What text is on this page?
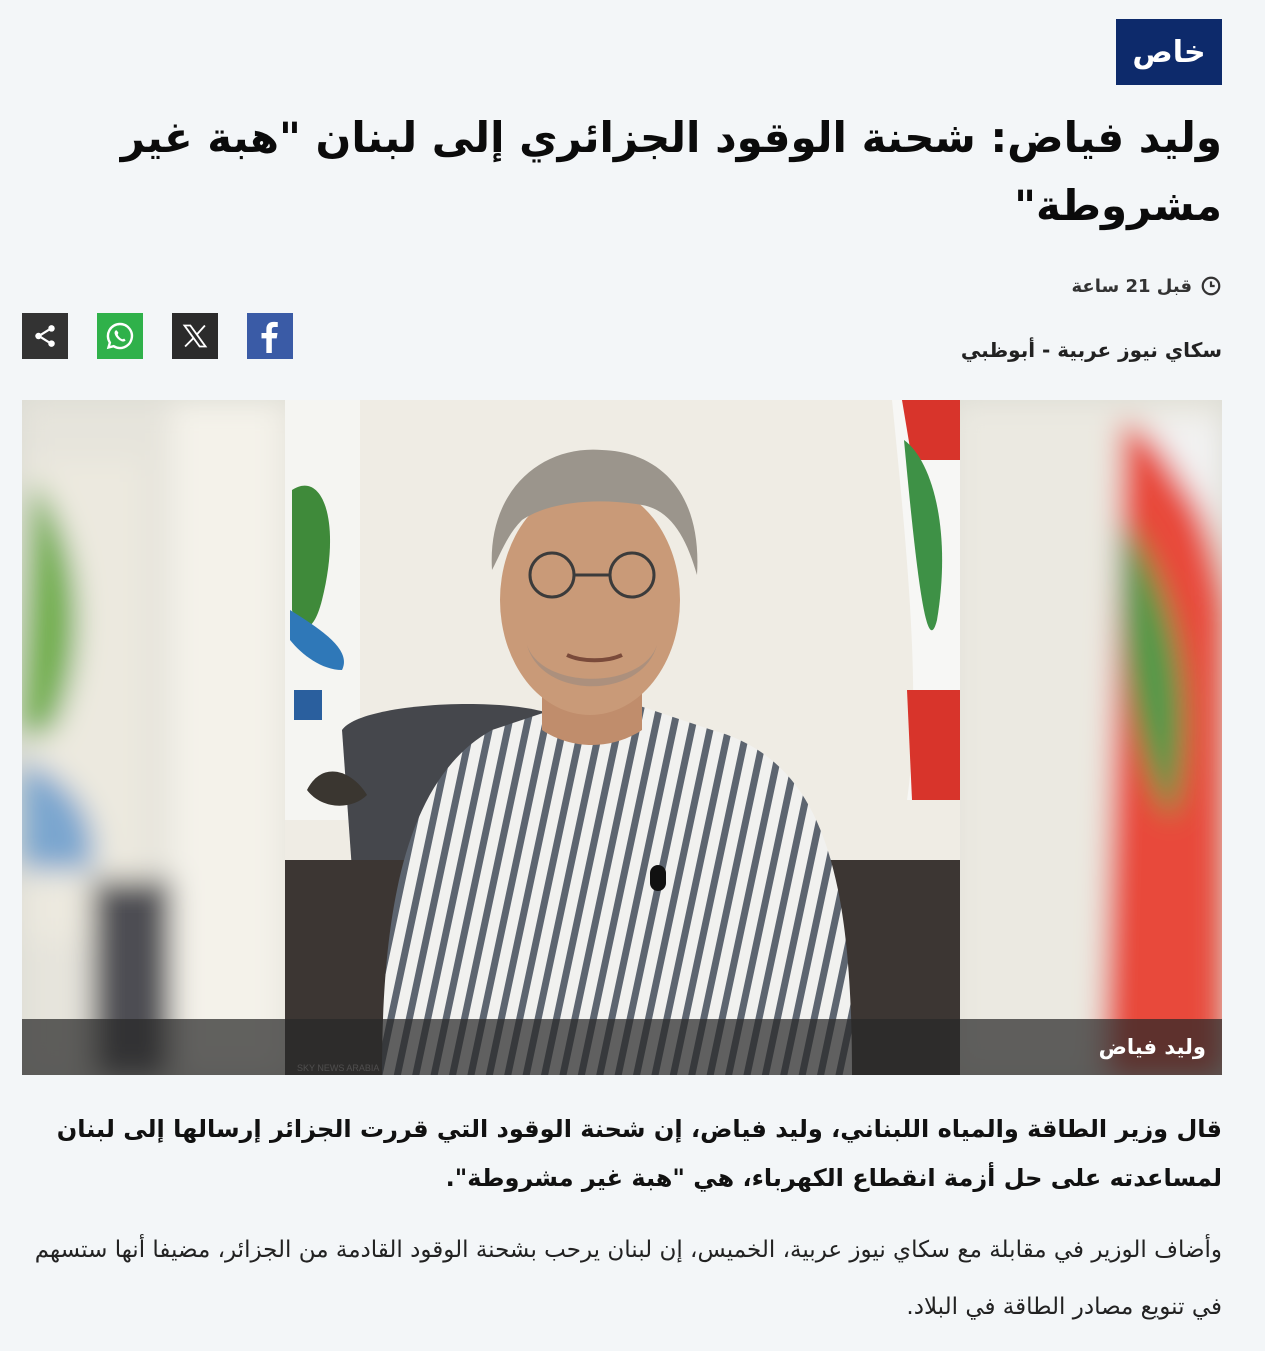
خاص
وليد فياض: شحنة الوقود الجزائري إلى لبنان "هبة غير مشروطة"
قبل 21 ساعة
سكاي نيوز عربية - أبوظبي
وليد فياض

قال وزير الطاقة والمياه اللبناني، وليد فياض، إن شحنة الوقود التي قررت الجزائر إرسالها إلى لبنان لمساعدته على حل أزمة انقطاع الكهرباء، هي "هبة غير مشروطة".

وأضاف الوزير في مقابلة مع سكاي نيوز عربية، الخميس، إن لبنان يرحب بشحنة الوقود القادمة من الجزائر، مضيفا أنها ستسهم في تنويع مصادر الطاقة في البلاد.
